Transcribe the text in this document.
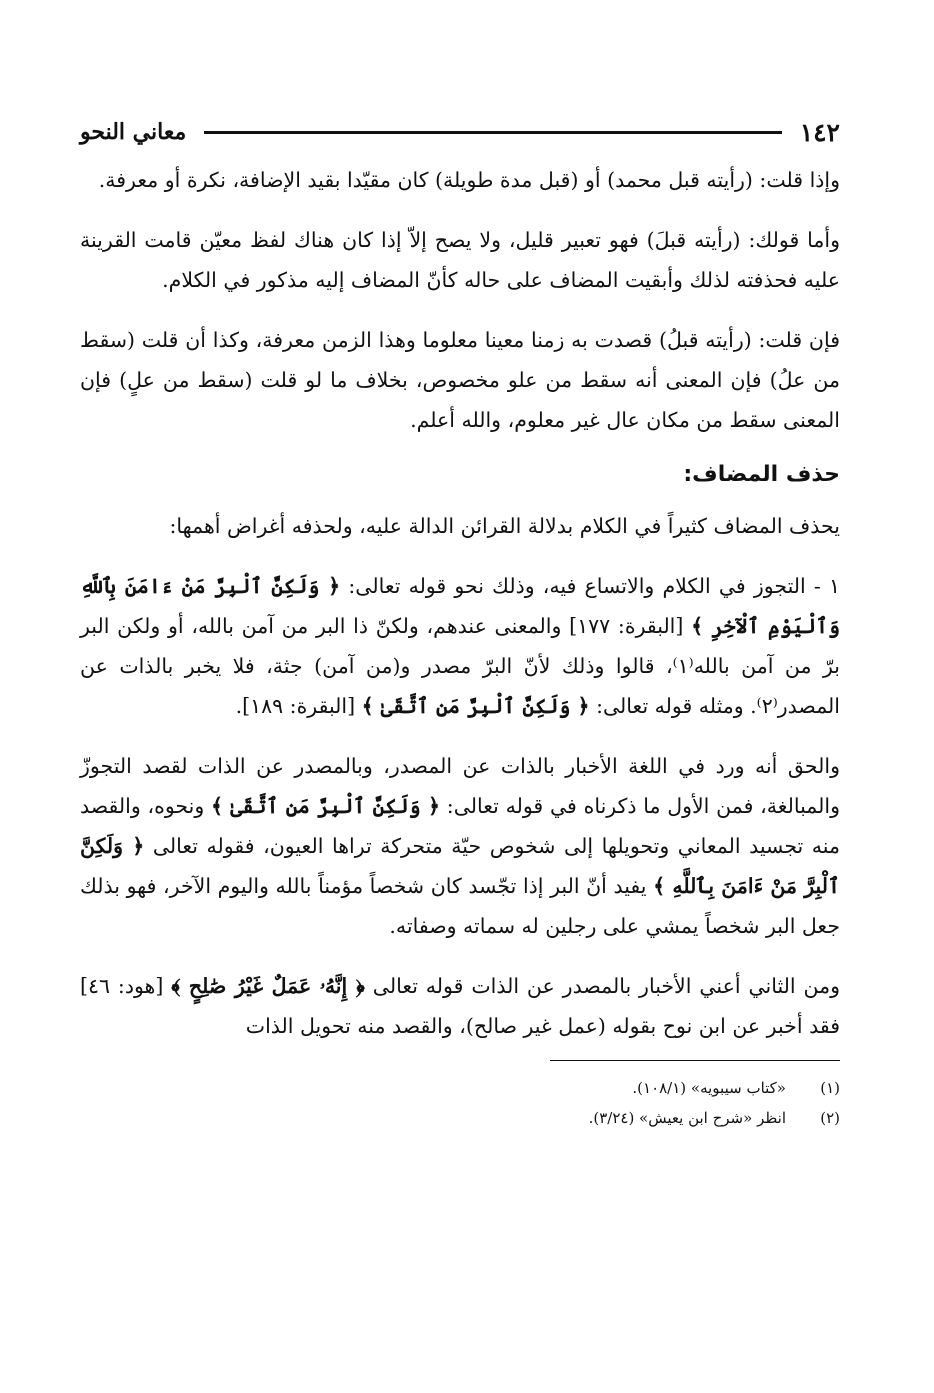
١٤٢
معاني النحو

وإذا قلت: (رأيته قبل محمد) أو (قبل مدة طويلة) كان مقيّدا بقيد الإضافة، نكرة أو معرفة.

وأما قولك: (رأيته قبلَ) فهو تعبير قليل، ولا يصح إلاّ إذا كان هناك لفظ معيّن قامت القرينة عليه فحذفته لذلك وأبقيت المضاف على حاله كأنّ المضاف إليه مذكور في الكلام.

فإن قلت: (رأيته قبلُ) قصدت به زمنا معينا معلوما وهذا الزمن معرفة، وكذا أن قلت (سقط من علُ) فإن المعنى أنه سقط من علو مخصوص، بخلاف ما لو قلت (سقط من علٍ) فإن المعنى سقط من مكان عال غير معلوم، والله أعلم.

حذف المضاف:

يحذف المضاف كثيراً في الكلام بدلالة القرائن الدالة عليه، ولحذفه أغراض أهمها:

١ - التجوز في الكلام والاتساع فيه، وذلك نحو قوله تعالى: ﴿ وَلَكِنَّ ٱلْبِرَّ مَنْ ءَامَنَ بِٱللَّهِ وَٱلْيَوْمِ ٱلْآخِرِ ﴾ [البقرة: ١٧٧] والمعنى عندهم، ولكنّ ذا البر من آمن بالله، أو ولكن البر برّ من آمن بالله⁽١⁾، قالوا وذلك لأنّ البرّ مصدر و(من آمن) جثة، فلا يخبر بالذات عن المصدر⁽٢⁾. ومثله قوله تعالى: ﴿ وَلَكِنَّ ٱلْبِرَّ مَنِ ٱتَّقَىٰ ﴾ [البقرة: ١٨٩].

والحق أنه ورد في اللغة الأخبار بالذات عن المصدر، وبالمصدر عن الذات لقصد التجوزّ والمبالغة، فمن الأول ما ذكرناه في قوله تعالى: ﴿ وَلَكِنَّ ٱلْبِرَّ مَنِ ٱتَّقَىٰ ﴾ ونحوه، والقصد منه تجسيد المعاني وتحويلها إلى شخوص حيّة متحركة تراها العيون، فقوله تعالى ﴿ وَلَكِنَّ ٱلْبِرَّ مَنْ ءَامَنَ بِٱللَّهِ ﴾ يفيد أنّ البر إذا تجّسد كان شخصاً مؤمناً بالله واليوم الآخر، فهو بذلك جعل البر شخصاً يمشي على رجلين له سماته وصفاته.

ومن الثاني أعني الأخبار بالمصدر عن الذات قوله تعالى ﴿ إِنَّهُۥ عَمَلٌ غَيْرُ صَٰلِحٍ ﴾ [هود: ٤٦] فقد أخبر عن ابن نوح بقوله (عمل غير صالح)، والقصد منه تحويل الذات

(١)
«كتاب سيبويه» (١٠٨/١).
(٢)
انظر «شرح ابن يعيش» (٣/٢٤).
